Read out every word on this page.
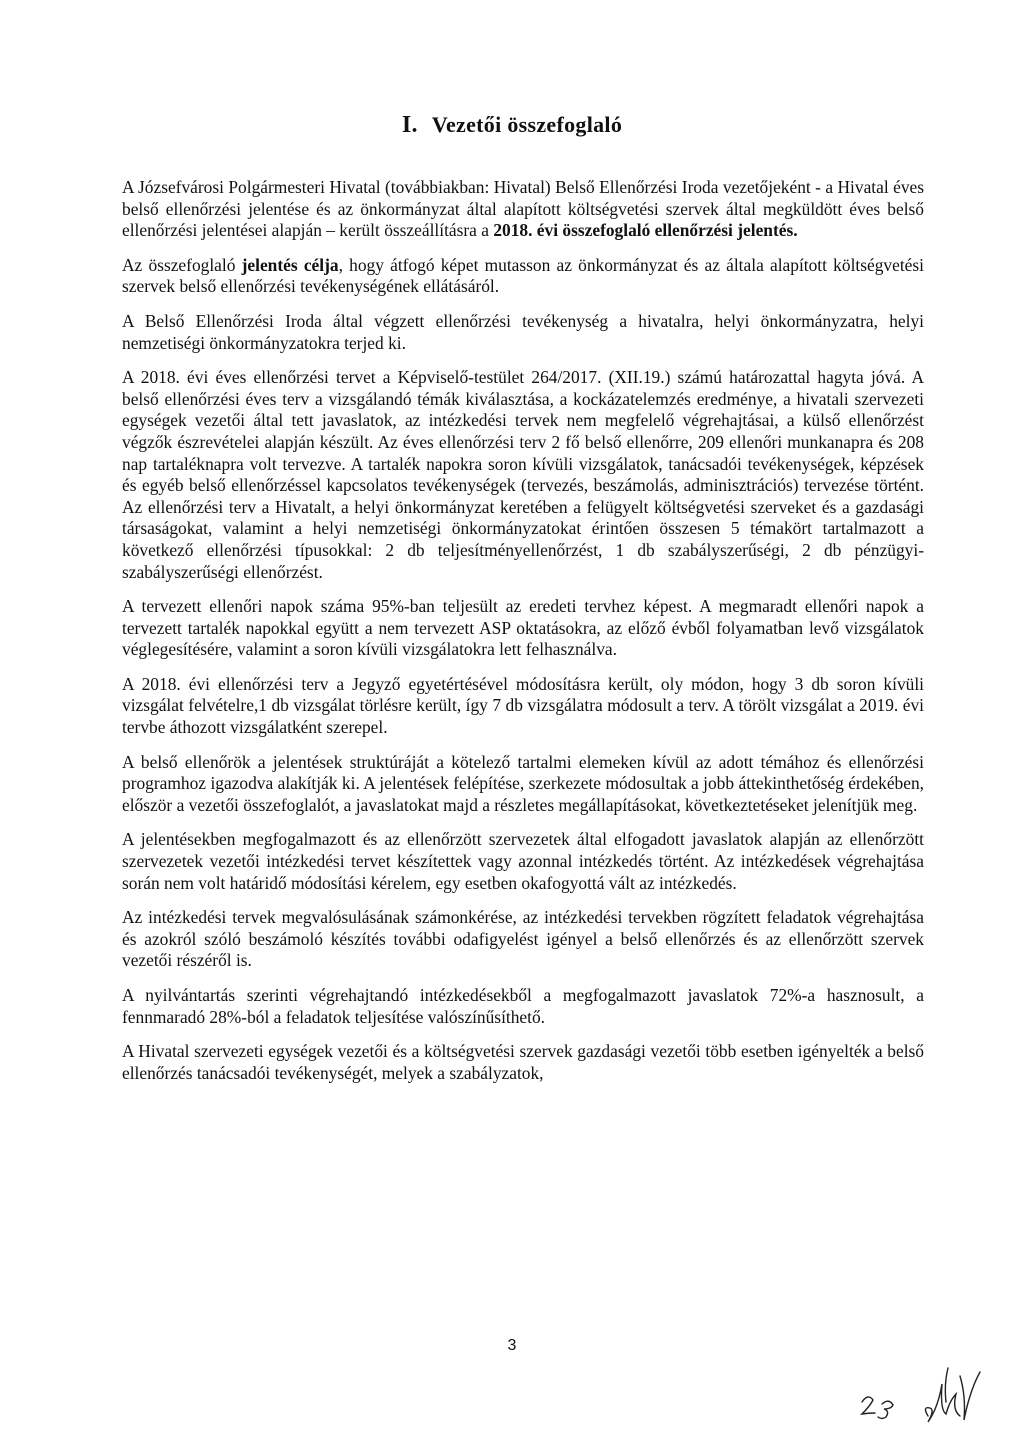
I. Vezetői összefoglaló

A Józsefvárosi Polgármesteri Hivatal (továbbiakban: Hivatal) Belső Ellenőrzési Iroda vezetőjeként - a Hivatal éves belső ellenőrzési jelentése és az önkormányzat által alapított költségvetési szervek által megküldött éves belső ellenőrzési jelentései alapján – került összeállításra a 2018. évi összefoglaló ellenőrzési jelentés.

Az összefoglaló jelentés célja, hogy átfogó képet mutasson az önkormányzat és az általa alapított költségvetési szervek belső ellenőrzési tevékenységének ellátásáról.

A Belső Ellenőrzési Iroda által végzett ellenőrzési tevékenység a hivatalra, helyi önkormányzatra, helyi nemzetiségi önkormányzatokra terjed ki.

A 2018. évi éves ellenőrzési tervet a Képviselő-testület 264/2017. (XII.19.) számú határozattal hagyta jóvá. A belső ellenőrzési éves terv a vizsgálandó témák kiválasztása, a kockázatelemzés eredménye, a hivatali szervezeti egységek vezetői által tett javaslatok, az intézkedési tervek nem megfelelő végrehajtásai, a külső ellenőrzést végzők észrevételei alapján készült. Az éves ellenőrzési terv 2 fő belső ellenőrre, 209 ellenőri munkanapra és 208 nap tartaléknapra volt tervezve. A tartalék napokra soron kívüli vizsgálatok, tanácsadói tevékenységek, képzések és egyéb belső ellenőrzéssel kapcsolatos tevékenységek (tervezés, beszámolás, adminisztrációs) tervezése történt. Az ellenőrzési terv a Hivatalt, a helyi önkormányzat keretében a felügyelt költségvetési szerveket és a gazdasági társaságokat, valamint a helyi nemzetiségi önkormányzatokat érintően összesen 5 témakört tartalmazott a következő ellenőrzési típusokkal: 2 db teljesítményellenőrzést, 1 db szabályszerűségi, 2 db pénzügyi-szabályszerűségi ellenőrzést.

A tervezett ellenőri napok száma 95%-ban teljesült az eredeti tervhez képest. A megmaradt ellenőri napok a tervezett tartalék napokkal együtt a nem tervezett ASP oktatásokra, az előző évből folyamatban levő vizsgálatok véglegesítésére, valamint a soron kívüli vizsgálatokra lett felhasználva.

A 2018. évi ellenőrzési terv a Jegyző egyetértésével módosításra került, oly módon, hogy 3 db soron kívüli vizsgálat felvételre,1 db vizsgálat törlésre került, így 7 db vizsgálatra módosult a terv. A törölt vizsgálat a 2019. évi tervbe áthozott vizsgálatként szerepel.

A belső ellenőrök a jelentések struktúráját a kötelező tartalmi elemeken kívül az adott témához és ellenőrzési programhoz igazodva alakítják ki. A jelentések felépítése, szerkezete módosultak a jobb áttekinthetőség érdekében, először a vezetői összefoglalót, a javaslatokat majd a részletes megállapításokat, következtetéseket jelenítjük meg.

A jelentésekben megfogalmazott és az ellenőrzött szervezetek által elfogadott javaslatok alapján az ellenőrzött szervezetek vezetői intézkedési tervet készítettek vagy azonnal intézkedés történt. Az intézkedések végrehajtása során nem volt határidő módosítási kérelem, egy esetben okafogyottá vált az intézkedés.

Az intézkedési tervek megvalósulásának számonkérése, az intézkedési tervekben rögzített feladatok végrehajtása és azokról szóló beszámoló készítés további odafigyelést igényel a belső ellenőrzés és az ellenőrzött szervek vezetői részéről is.

A nyilvántartás szerinti végrehajtandó intézkedésekből a megfogalmazott javaslatok 72%-a hasznosult, a fennmaradó 28%-ból a feladatok teljesítése valószínűsíthető.

A Hivatal szervezeti egységek vezetői és a költségvetési szervek gazdasági vezetői több esetben igényelték a belső ellenőrzés tanácsadói tevékenységét, melyek a szabályzatok,

3
